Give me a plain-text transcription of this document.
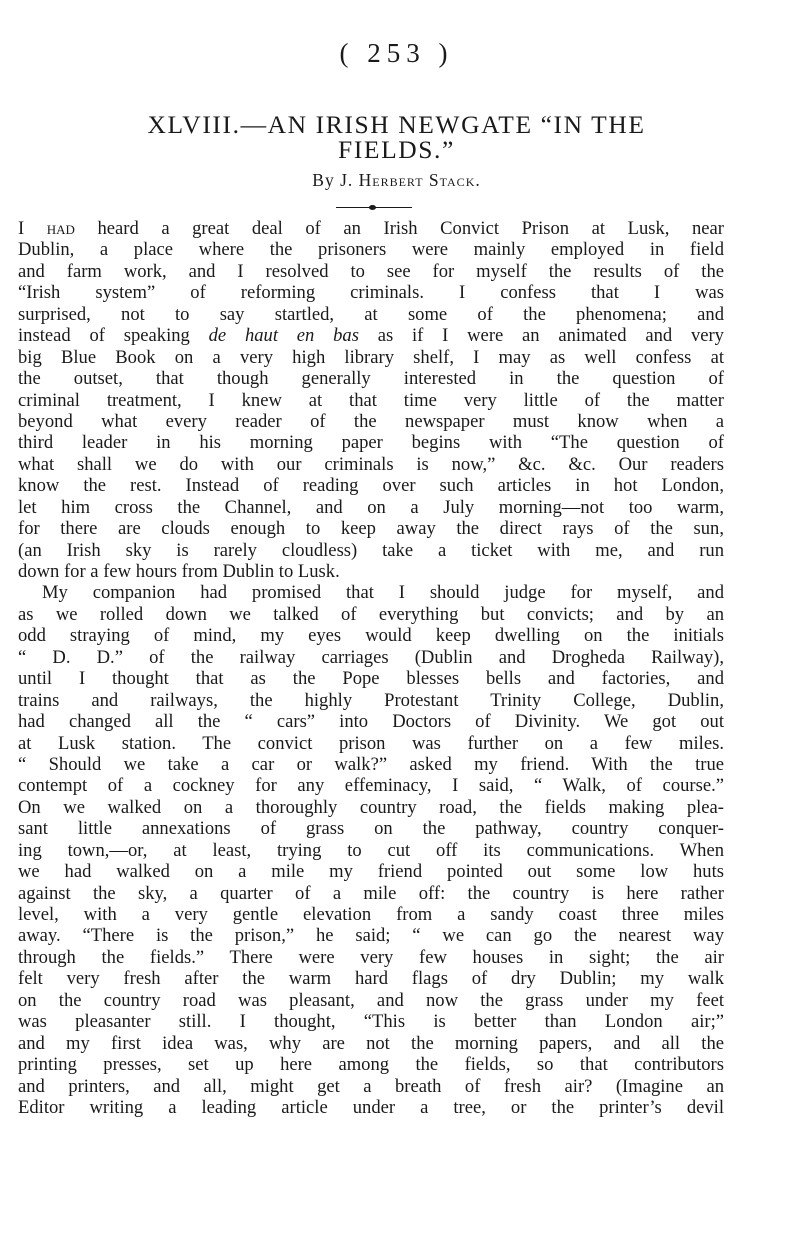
( 253 )
XLVIII.—AN IRISH NEWGATE “IN THE
FIELDS.”
By J. Herbert Stack.
I had heard a great deal of an Irish Convict Prison at Lusk, near
Dublin, a place where the prisoners were mainly employed in field
and farm work, and I resolved to see for myself the results of the
“Irish system” of reforming criminals. I confess that I was
surprised, not to say startled, at some of the phenomena; and
instead of speaking de haut en bas as if I were an animated and very
big Blue Book on a very high library shelf, I may as well confess at
the outset, that though generally interested in the question of
criminal treatment, I knew at that time very little of the matter
beyond what every reader of the newspaper must know when a
third leader in his morning paper begins with “The question of
what shall we do with our criminals is now,” &c. &c. Our readers
know the rest. Instead of reading over such articles in hot London,
let him cross the Channel, and on a July morning—not too warm,
for there are clouds enough to keep away the direct rays of the sun,
(an Irish sky is rarely cloudless) take a ticket with me, and run
down for a few hours from Dublin to Lusk.
My companion had promised that I should judge for myself, and
as we rolled down we talked of everything but convicts; and by an
odd straying of mind, my eyes would keep dwelling on the initials
“ D. D.” of the railway carriages (Dublin and Drogheda Railway),
until I thought that as the Pope blesses bells and factories, and
trains and railways, the highly Protestant Trinity College, Dublin,
had changed all the “ cars” into Doctors of Divinity. We got out
at Lusk station. The convict prison was further on a few miles.
“ Should we take a car or walk?” asked my friend. With the true
contempt of a cockney for any effeminacy, I said, “ Walk, of course.”
On we walked on a thoroughly country road, the fields making plea-
sant little annexations of grass on the pathway, country conquer-
ing town,—or, at least, trying to cut off its communications. When
we had walked on a mile my friend pointed out some low huts
against the sky, a quarter of a mile off: the country is here rather
level, with a very gentle elevation from a sandy coast three miles
away. “There is the prison,” he said; “ we can go the nearest way
through the fields.” There were very few houses in sight; the air
felt very fresh after the warm hard flags of dry Dublin; my walk
on the country road was pleasant, and now the grass under my feet
was pleasanter still. I thought, “This is better than London air;”
and my first idea was, why are not the morning papers, and all the
printing presses, set up here among the fields, so that contributors
and printers, and all, might get a breath of fresh air? (Imagine an
Editor writing a leading article under a tree, or the printer’s devil
